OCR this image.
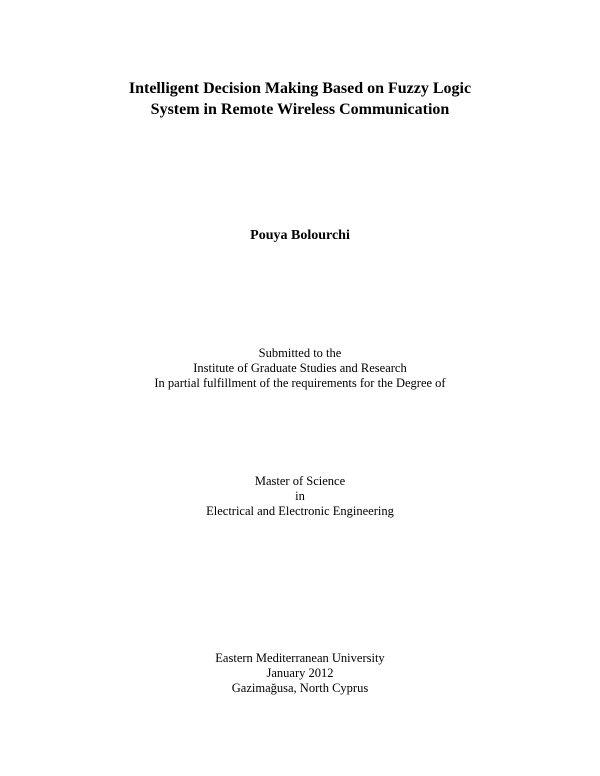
Intelligent Decision Making Based on Fuzzy Logic
System in Remote Wireless Communication
Pouya Bolourchi
Submitted to the
Institute of Graduate Studies and Research
In partial fulfillment of the requirements for the Degree of
Master of Science
in
Electrical and Electronic Engineering
Eastern Mediterranean University
January 2012
Gazimağusa, North Cyprus
